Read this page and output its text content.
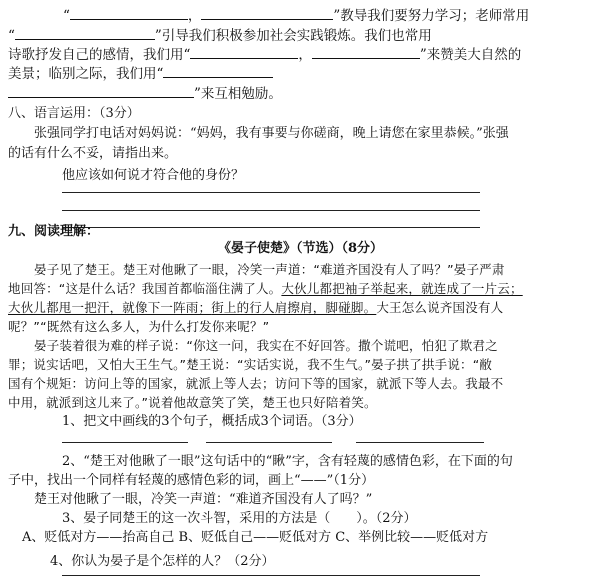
“	，	”教导我们要努力学习；老师常用
“	”引导我们积极参加社会实践锻炼。我们也常用
诗歌抒发自己的感情，我们用“	，	”来赞美大自然的
美景；临别之际，我们用“
”来互相勉励。
八、语言运用：（3分）
张强同学打电话对妈妈说：“妈妈，我有事要与你磋商，晚上请您在家里恭候。”张强
的话有什么不妥，请指出来。
他应该如何说才符合他的身份？
九、阅读理解：
《晏子使楚》（节选）（8分）
晏子见了楚王。楚王对他瞅了一眼，冷笑一声道：“难道齐国没有人了吗？”晏子严肃
地回答：“这是什么话？我国首都临淄住满了人。大伙儿都把袖子举起来，就连成了一片云；
大伙儿都甩一把汗，就像下一阵雨；街上的行人肩擦肩，脚碰脚。大王怎么说齐国没有人
呢？”“既然有这么多人，为什么打发你来呢？”
晏子装着很为难的样子说：“你这一问，我实在不好回答。撒个谎吧，怕犯了欺君之
罪；说实话吧，又怕大王生气。”楚王说：“实话实说，我不生气。”晏子拱了拱手说：“敝
国有个规矩：访问上等的国家，就派上等人去；访问下等的国家，就派下等人去。我最不
中用，就派到这儿来了。”说着他故意笑了笑，楚王也只好陪着笑。
1、把文中画线的3个句子，概括成3个词语。（3分）
2、“楚王对他瞅了一眼”这句话中的“瞅”字，含有轻蔑的感情色彩，在下面的句
子中，找出一个同样有轻蔑的感情色彩的词，画上“——”（1分）
楚王对他瞅了一眼，冷笑一声道：“难道齐国没有人了吗？”
3、晏子同楚王的这一次斗智，采用的方法是（　　）。（2分）
A、贬低对方——抬高自己 B、贬低自己——贬低对方 C、举例比较——贬低对方
4、你认为晏子是个怎样的人？（2分）
